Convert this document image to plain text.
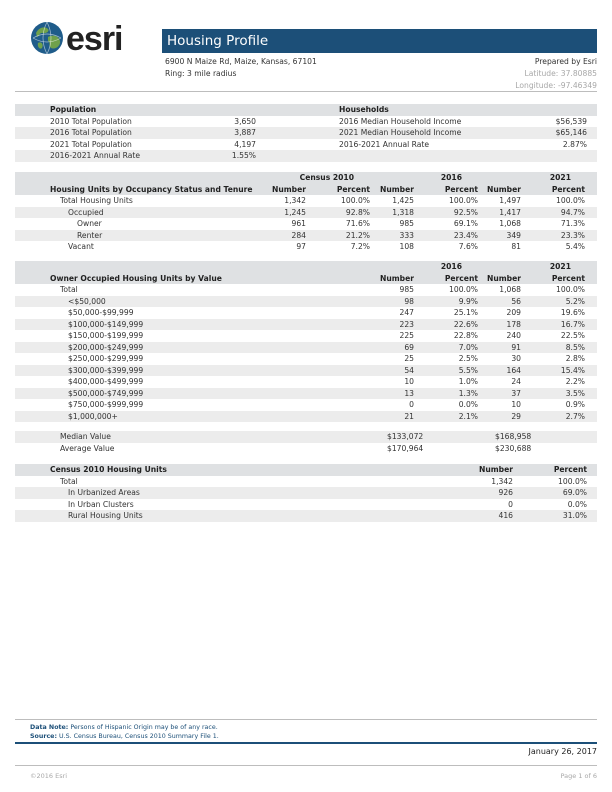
esri	Housing Profile
6900 N Maize Rd, Maize, Kansas, 67101
Ring: 3 mile radius
Prepared by Esri
Latitude: 37.80885
Longitude: -97.46349
Population	Households
2010 Total Population	3,650	2016 Median Household Income	$56,539
2016 Total Population	3,887	2021 Median Household Income	$65,146
2021 Total Population	4,197	2016-2021 Annual Rate	2.87%
2016-2021 Annual Rate	1.55%
Census 2010	2016	2021
Housing Units by Occupancy Status and Tenure	Number	Percent Number	Percent Number	Percent
Total Housing Units	1,342	100.0%	1,425	100.0%	1,497	100.0%
Occupied	1,245	92.8%	1,318	92.5%	1,417	94.7%
Owner	961	71.6%	985	69.1%	1,068	71.3%
Renter	284	21.2%	333	23.4%	349	23.3%
Vacant	97	7.2%	108	7.6%	81	5.4%
2016	2021
Owner Occupied Housing Units by Value	Number	Percent Number	Percent
Total	985	100.0%	1,068	100.0%
<$50,000	98	9.9%	56	5.2%
$50,000-$99,999	247	25.1%	209	19.6%
$100,000-$149,999	223	22.6%	178	16.7%
$150,000-$199,999	225	22.8%	240	22.5%
$200,000-$249,999	69	7.0%	91	8.5%
$250,000-$299,999	25	2.5%	30	2.8%
$300,000-$399,999	54	5.5%	164	15.4%
$400,000-$499,999	10	1.0%	24	2.2%
$500,000-$749,999	13	1.3%	37	3.5%
$750,000-$999,999	0	0.0%	10	0.9%
$1,000,000+	21	2.1%	29	2.7%
Median Value	$133,072	$168,958
Average Value	$170,964	$230,688
Census 2010 Housing Units	Number	Percent
Total	1,342	100.0%
In Urbanized Areas	926	69.0%
In Urban Clusters	0	0.0%
Rural Housing Units	416	31.0%
Data Note: Persons of Hispanic Origin may be of any race.
Source: U.S. Census Bureau, Census 2010 Summary File 1.
January 26, 2017
©2016 Esri	Page 1 of 6
